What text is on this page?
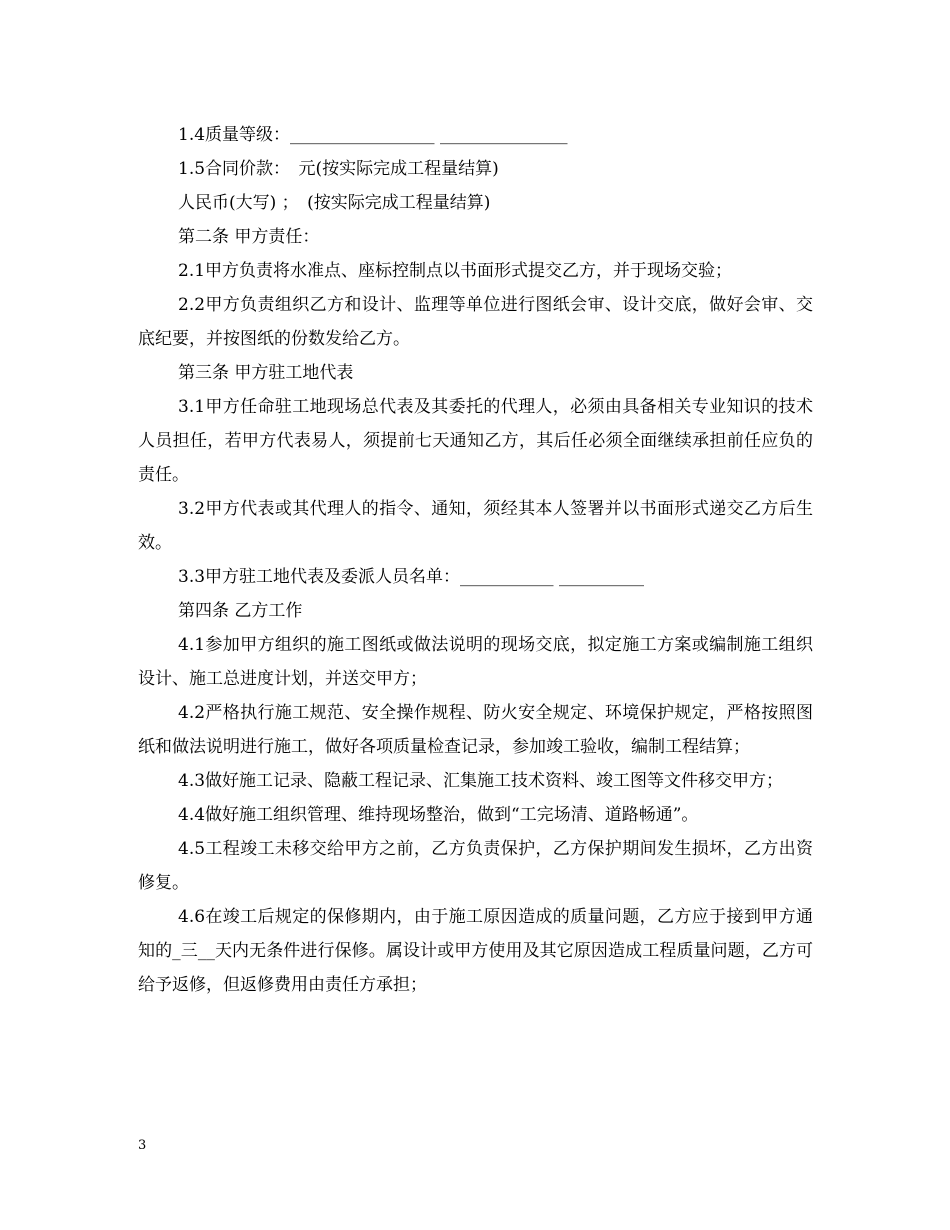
1.4质量等级：_________________ _______________

1.5合同价款：　元(按实际完成工程量结算)

人民币(大写) ；　(按实际完成工程量结算)

第二条 甲方责任：

2.1甲方负责将水准点、座标控制点以书面形式提交乙方，并于现场交验；

2.2甲方负责组织乙方和设计、监理等单位进行图纸会审、设计交底，做好会审、交底纪要，并按图纸的份数发给乙方。

第三条 甲方驻工地代表

3.1甲方任命驻工地现场总代表及其委托的代理人，必须由具备相关专业知识的技术人员担任，若甲方代表易人，须提前七天通知乙方，其后任必须全面继续承担前任应负的责任。

3.2甲方代表或其代理人的指令、通知，须经其本人签署并以书面形式递交乙方后生效。

3.3甲方驻工地代表及委派人员名单：___________ __________

第四条 乙方工作

4.1参加甲方组织的施工图纸或做法说明的现场交底，拟定施工方案或编制施工组织设计、施工总进度计划，并送交甲方；

4.2严格执行施工规范、安全操作规程、防火安全规定、环境保护规定，严格按照图纸和做法说明进行施工，做好各项质量检查记录，参加竣工验收，编制工程结算；

4.3做好施工记录、隐蔽工程记录、汇集施工技术资料、竣工图等文件移交甲方；

4.4做好施工组织管理、维持现场整治，做到“工完场清、道路畅通”。

4.5工程竣工未移交给甲方之前，乙方负责保护，乙方保护期间发生损坏，乙方出资修复。

4.6在竣工后规定的保修期内，由于施工原因造成的质量问题，乙方应于接到甲方通知的_三__天内无条件进行保修。属设计或甲方使用及其它原因造成工程质量问题，乙方可给予返修，但返修费用由责任方承担；

3
